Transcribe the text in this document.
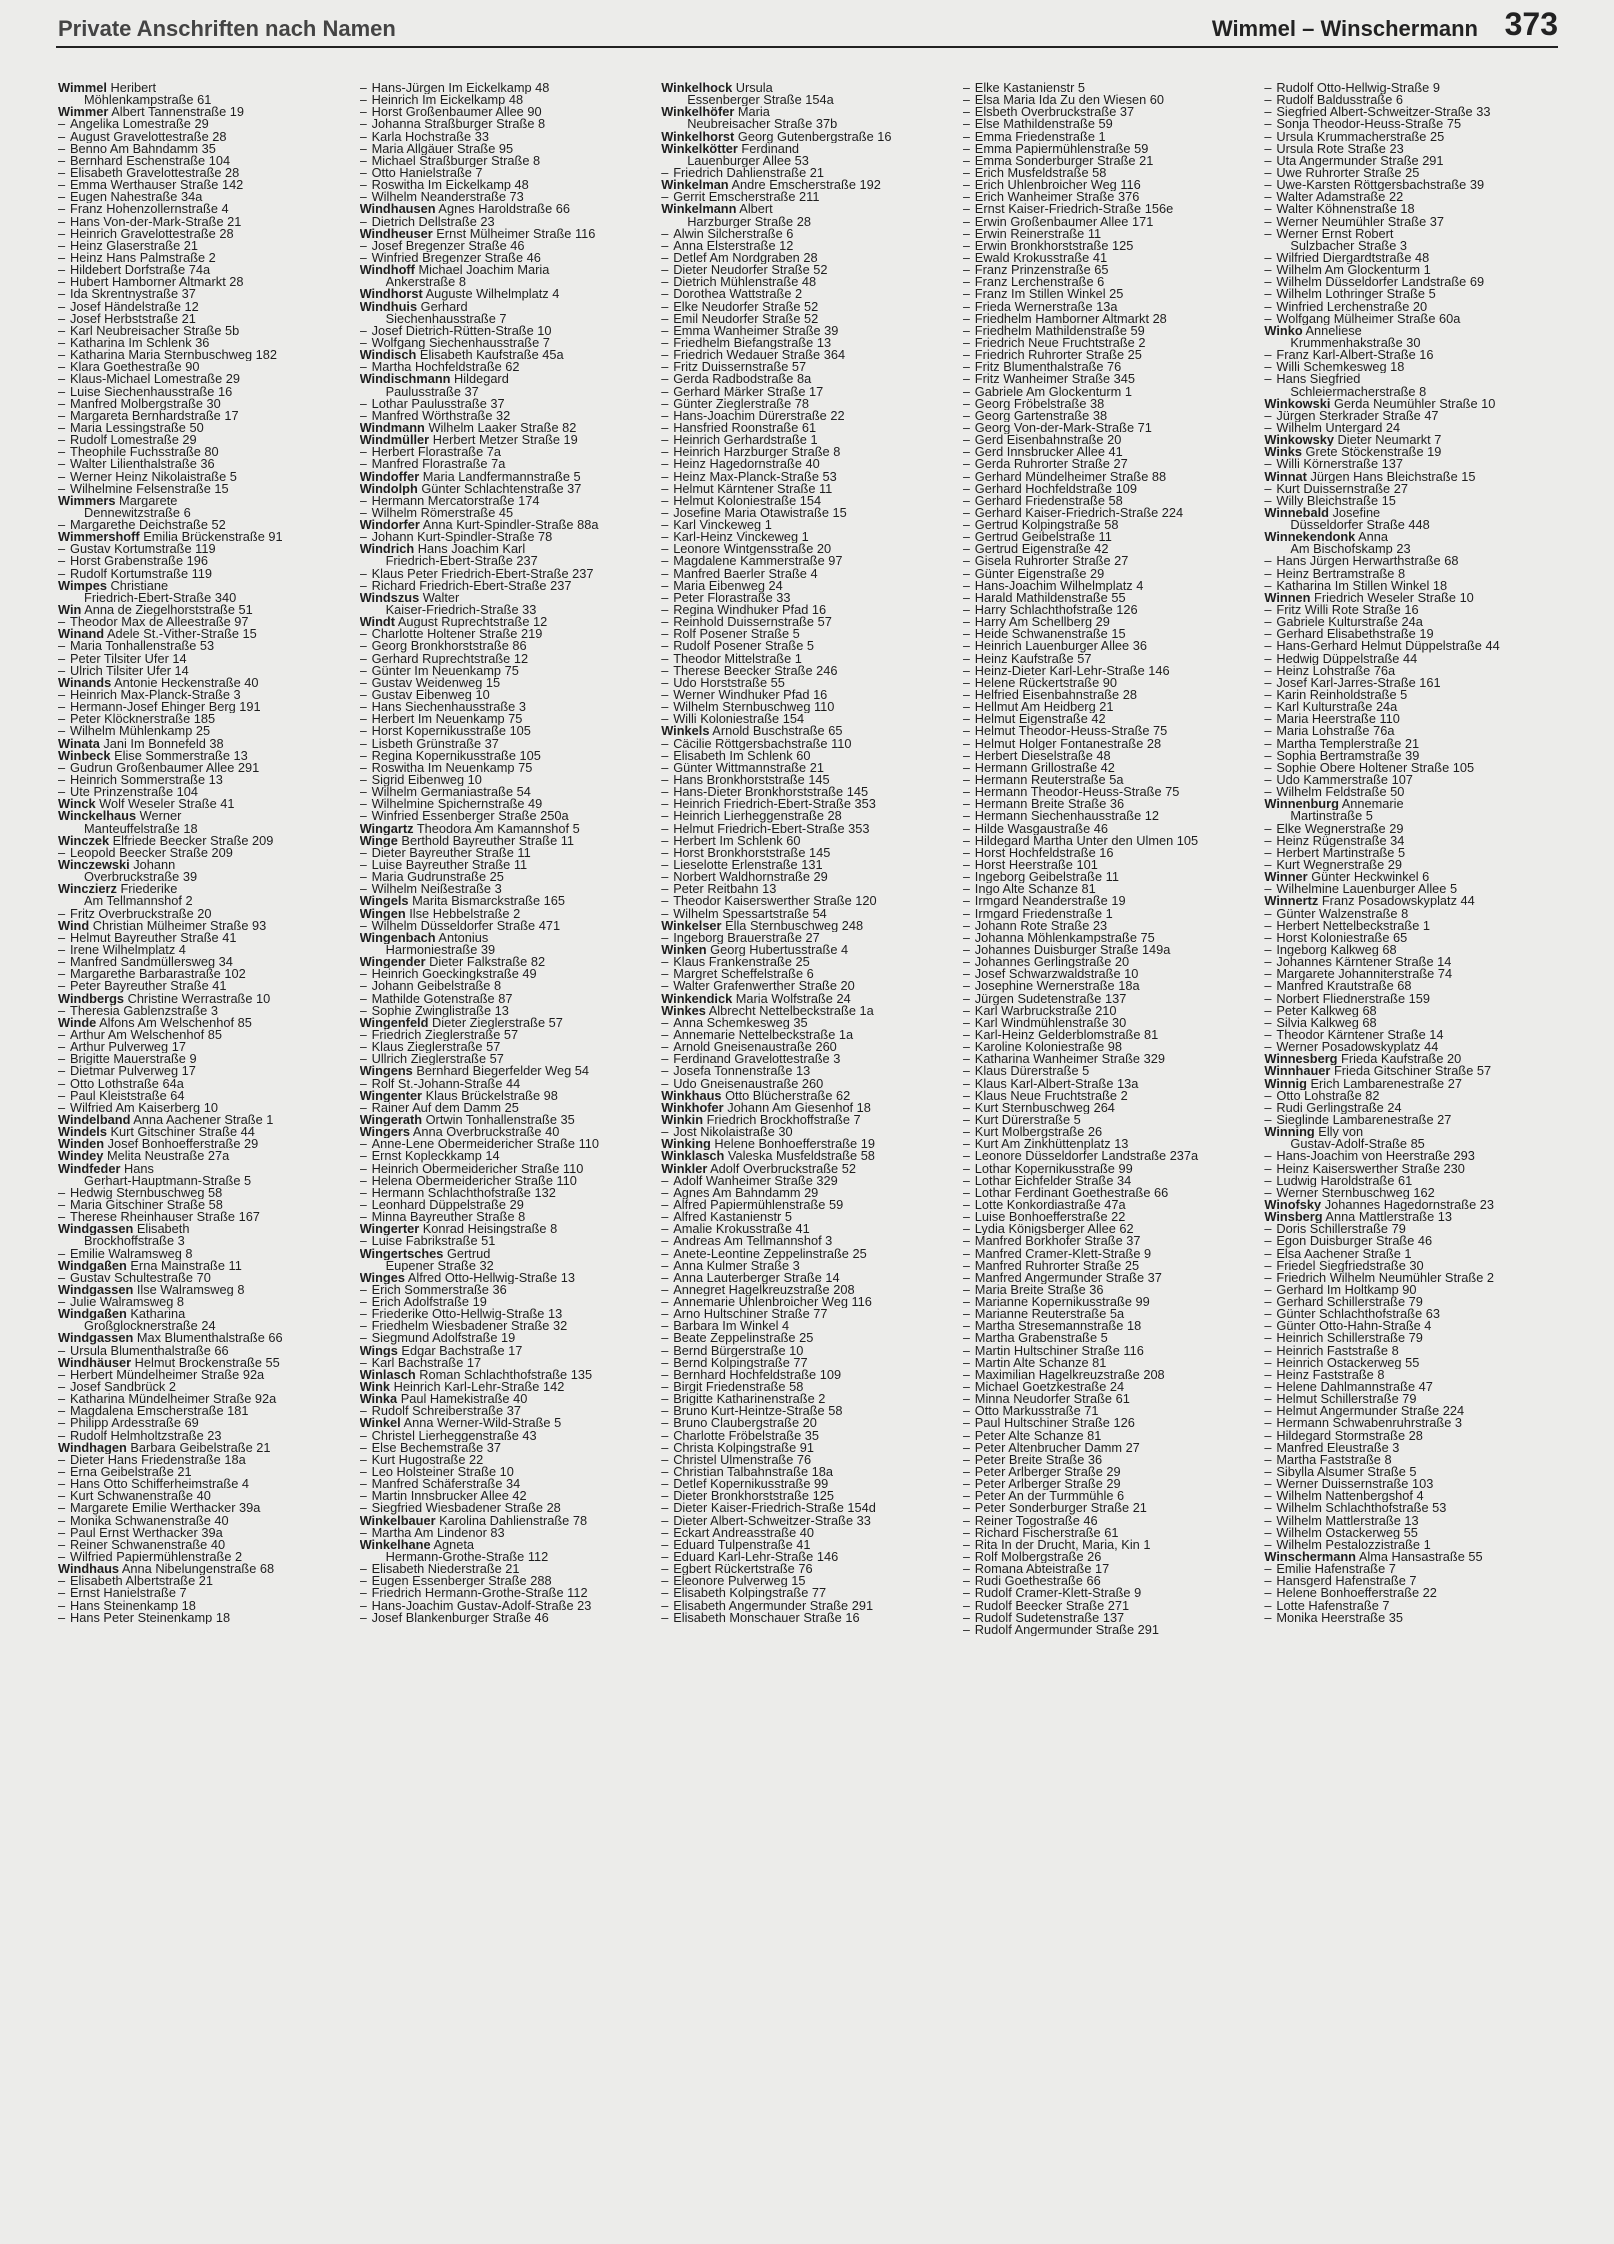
Private Anschriften nach Namen	Wimmel – Winschermann 373
Wimmel Heribert
Möhlenkampstraße 61
Wimmer Albert Tannenstraße 19
– Angelika Lomestraße 29
– August Gravelottestraße 28
– Benno Am Bahndamm 35
– Bernhard Eschenstraße 104
– Elisabeth Gravelottestraße 28
– Emma Werthauser Straße 142
– Eugen Nahestraße 34a
– Franz Hohenzollernstraße 4
– Hans Von-der-Mark-Straße 21
– Heinrich Gravelottestraße 28
– Heinz Glaserstraße 21
– Heinz Hans Palmstraße 2
– Hildebert Dorfstraße 74a
– Hubert Hamborner Altmarkt 28
– Ida Skrentnystraße 37
– Josef Händelstraße 12
– Josef Herbststraße 21
– Karl Neubreisacher Straße 5b
– Katharina Im Schlenk 36
– Katharina Maria Sternbuschweg 182
– Klara Goethestraße 90
– Klaus-Michael Lomestraße 29
– Luise Siechenhausstraße 16
– Manfred Molbergstraße 30
– Margareta Bernhardstraße 17
– Maria Lessingstraße 50
– Rudolf Lomestraße 29
– Theophile Fuchsstraße 80
– Walter Lilienthalstraße 36
– Werner Heinz Nikolaistraße 5
– Wilhelmine Felsenstraße 15
Wimmers Margarete
Dennewitzstraße 6
– Margarethe Deichstraße 52
Wimmershoff Emilia Brückenstraße 91
– Gustav Kortumstraße 119
– Horst Grabenstraße 196
– Rudolf Kortumstraße 119
Wimpes Christiane
Friedrich-Ebert-Straße 340
Win Anna de Ziegelhorststraße 51
– Theodor Max de Alleestraße 97
Winand Adele St.-Vither-Straße 15
– Maria Tonhallenstraße 53
– Peter Tilsiter Ufer 14
– Ulrich Tilsiter Ufer 14
Winands Antonie Heckenstraße 40
– Heinrich Max-Planck-Straße 3
– Hermann-Josef Ehinger Berg 191
– Peter Klöcknerstraße 185
– Wilhelm Mühlenkamp 25
Winata Jani Im Bonnefeld 38
Winbeck Elise Sommerstraße 13
– Gudrun Großenbaumer Allee 291
– Heinrich Sommerstraße 13
– Ute Prinzenstraße 104
Winck Wolf Weseler Straße 41
Winckelhaus Werner
Manteuffelstraße 18
Winczek Elfriede Beecker Straße 209
– Leopold Beecker Straße 209
Winczewski Johann
Overbruckstraße 39
Winczierz Friederike
Am Tellmannshof 2
– Fritz Overbruckstraße 20
Wind Christian Mülheimer Straße 93
– Helmut Bayreuther Straße 41
– Irene Wilhelmplatz 4
– Manfred Sandmüllersweg 34
– Margarethe Barbarastraße 102
– Peter Bayreuther Straße 41
Windbergs Christine Werrastraße 10
– Theresia Gablenzstraße 3
Winde Alfons Am Welschenhof 85
– Arthur Am Welschenhof 85
– Arthur Pulverweg 17
– Brigitte Mauerstraße 9
– Dietmar Pulverweg 17
– Otto Lothstraße 64a
– Paul Kleiststraße 64
– Wilfried Am Kaiserberg 10
Windelband Anna Aachener Straße 1
Windels Kurt Gitschiner Straße 44
Winden Josef Bonhoefferstraße 29
Windey Melita Neustraße 27a
Windfeder Hans
Gerhart-Hauptmann-Straße 5
– Hedwig Sternbuschweg 58
– Maria Gitschiner Straße 58
– Therese Rheinhauser Straße 167
Windgassen Elisabeth
Brockhoffstraße 3
– Emilie Walramsweg 8
Windgaßen Erna Mainstraße 11
– Gustav Schultestraße 70
Windgassen Ilse Walramsweg 8
– Julie Walramsweg 8
Windgaßen Katharina
Großglocknerstraße 24
Windgassen Max Blumenthalstraße 66
– Ursula Blumenthalstraße 66
Windhäuser Helmut Brockenstraße 55
– Herbert Mündelheimer Straße 92a
– Josef Sandbrück 2
– Katharina Mündelheimer Straße 92a
– Magdalena Emscherstraße 181
– Philipp Ardesstraße 69
– Rudolf Helmholtzstraße 23
Windhagen Barbara Geibelstraße 21
– Dieter Hans Friedenstraße 18a
– Erna Geibelstraße 21
– Hans Otto Schifferheimstraße 4
– Kurt Schwanenstraße 40
– Margarete Emilie Werthacker 39a
– Monika Schwanenstraße 40
– Paul Ernst Werthacker 39a
– Reiner Schwanenstraße 40
– Wilfried Papiermühlenstraße 2
Windhaus Anna Nibelungenstraße 68
– Elisabeth Albertstraße 21
– Ernst Hanielstraße 7
– Hans Steinenkamp 18
– Hans Peter Steinenkamp 18
– Hans-Jürgen Im Eickelkamp 48
– Heinrich Im Eickelkamp 48
– Horst Großenbaumer Allee 90
– Johanna Straßburger Straße 8
– Karla Hochstraße 33
– Maria Allgäuer Straße 95
– Michael Straßburger Straße 8
– Otto Hanielstraße 7
– Roswitha Im Eickelkamp 48
– Wilhelm Neanderstraße 73
Windhausen Agnes Haroldstraße 66
– Dietrich Dellstraße 23
Windheuser Ernst Mülheimer Straße 116
– Josef Bregenzer Straße 46
– Winfried Bregenzer Straße 46
Windhoff Michael Joachim Maria
Ankerstraße 8
Windhorst Auguste Wilhelmplatz 4
Windhuis Gerhard
Siechenhausstraße 7
– Josef Dietrich-Rütten-Straße 10
– Wolfgang Siechenhausstraße 7
Windisch Elisabeth Kaufstraße 45a
– Martha Hochfeldstraße 62
Windischmann Hildegard
Paulusstraße 37
– Lothar Paulusstraße 37
– Manfred Wörthstraße 32
Windmann Wilhelm Laaker Straße 82
Windmüller Herbert Metzer Straße 19
– Herbert Florastraße 7a
– Manfred Florastraße 7a
Windoffer Maria Landfermannstraße 5
Windolph Günter Schlachtenstraße 37
– Hermann Mercatorstraße 174
– Wilhelm Römerstraße 45
Windorfer Anna Kurt-Spindler-Straße 88a
– Johann Kurt-Spindler-Straße 78
Windrich Hans Joachim Karl
Friedrich-Ebert-Straße 237
– Klaus Peter Friedrich-Ebert-Straße 237
– Richard Friedrich-Ebert-Straße 237
Windszus Walter
Kaiser-Friedrich-Straße 33
Windt August Ruprechtstraße 12
– Charlotte Holtener Straße 219
– Georg Bronkhorststraße 86
– Gerhard Ruprechtstraße 12
– Günter Im Neuenkamp 75
– Gustav Weidenweg 15
– Gustav Eibenweg 10
– Hans Siechenhausstraße 3
– Herbert Im Neuenkamp 75
– Horst Kopernikusstraße 105
– Lisbeth Grünstraße 37
– Regina Kopernikusstraße 105
– Roswitha Im Neuenkamp 75
– Sigrid Eibenweg 10
– Wilhelm Germaniastraße 54
– Wilhelmine Spichernstraße 49
– Winfried Essenberger Straße 250a
Wingartz Theodora Am Kamannshof 5
Winge Berthold Bayreuther Straße 11
– Dieter Bayreuther Straße 11
– Luise Bayreuther Straße 11
– Maria Gudrunstraße 25
– Wilhelm Neißestraße 3
Wingels Marita Bismarckstraße 165
Wingen Ilse Hebbelstraße 2
– Wilhelm Düsseldorfer Straße 471
Wingenbach Antonius
Harmoniestraße 39
Wingender Dieter Falkstraße 82
– Heinrich Goeckingkstraße 49
– Johann Geibelstraße 8
– Mathilde Gotenstraße 87
– Sophie Zwinglistraße 13
Wingenfeld Dieter Zieglerstraße 57
– Friedrich Zieglerstraße 57
– Klaus Zieglerstraße 57
– Ullrich Zieglerstraße 57
Wingens Bernhard Biegerfelder Weg 54
– Rolf St.-Johann-Straße 44
Wingenter Klaus Brückelstraße 98
– Rainer Auf dem Damm 25
Wingerath Ortwin Tonhallenstraße 35
Wingers Anna Overbruckstraße 40
– Anne-Lene Obermeidericher Straße 110
– Ernst Kopleckkamp 14
– Heinrich Obermeidericher Straße 110
– Helena Obermeidericher Straße 110
– Hermann Schlachthofstraße 132
– Leonhard Düppelstraße 29
– Minna Bayreuther Straße 8
Wingerter Konrad Heisingstraße 8
– Luise Fabrikstraße 51
Wingertsches Gertrud
Eupener Straße 32
Winges Alfred Otto-Hellwig-Straße 13
– Erich Sommerstraße 36
– Erich Adolfstraße 19
– Friederike Otto-Hellwig-Straße 13
– Friedhelm Wiesbadener Straße 32
– Siegmund Adolfstraße 19
Wings Edgar Bachstraße 17
– Karl Bachstraße 17
Winlasch Roman Schlachthofstraße 135
Wink Heinrich Karl-Lehr-Straße 142
Winka Paul Hamekistraße 40
– Rudolf Schreiberstraße 37
Winkel Anna Werner-Wild-Straße 5
– Christel Lierheggenstraße 43
– Else Bechemstraße 37
– Kurt Hugostraße 22
– Leo Holsteiner Straße 10
– Manfred Schäferstraße 34
– Martin Innsbrucker Allee 42
– Siegfried Wiesbadener Straße 28
Winkelbauer Karolina Dahlienstraße 78
– Martha Am Lindenor 83
Winkelhane Agneta
Hermann-Grothe-Straße 112
– Elisabeth Niederstraße 21
– Eugen Essenberger Straße 288
– Friedrich Hermann-Grothe-Straße 112
– Hans-Joachim Gustav-Adolf-Straße 23
– Josef Blankenburger Straße 46
Winkelhock Ursula
Essenberger Straße 154a
Winkelhöfer Maria
Neubreisacher Straße 37b
Winkelhorst Georg Gutenbergstraße 16
Winkelkötter Ferdinand
Lauenburger Allee 53
– Friedrich Dahlienstraße 21
Winkelman Andre Emscherstraße 192
– Gerrit Emscherstraße 211
Winkelmann Albert
Harzburger Straße 28
– Alwin Silcherstraße 6
– Anna Elsterstraße 12
– Detlef Am Nordgraben 28
– Dieter Neudorfer Straße 52
– Dietrich Mühlenstraße 48
– Dorothea Wattstraße 2
– Elke Neudorfer Straße 52
– Emil Neudorfer Straße 52
– Emma Wanheimer Straße 39
– Friedhelm Biefangstraße 13
– Friedrich Wedauer Straße 364
– Fritz Duissernstraße 57
– Gerda Radbodstraße 8a
– Gerhard Märker Straße 17
– Günter Zieglerstraße 78
– Hans-Joachim Dürerstraße 22
– Hansfried Roonstraße 61
– Heinrich Gerhardstraße 1
– Heinrich Harzburger Straße 8
– Heinz Hagedornstraße 40
– Heinz Max-Planck-Straße 53
– Helmut Kärntener Straße 11
– Helmut Koloniestraße 154
– Josefine Maria Otawistraße 15
– Karl Vinckeweg 1
– Karl-Heinz Vinckeweg 1
– Leonore Wintgensstraße 20
– Magdalene Kammerstraße 97
– Manfred Baerler Straße 4
– Maria Eibenweg 24
– Peter Florastraße 33
– Regina Windhuker Pfad 16
– Reinhold Duissernstraße 57
– Rolf Posener Straße 5
– Rudolf Posener Straße 5
– Theodor Mittelstraße 1
– Therese Beecker Straße 246
– Udo Horststraße 55
– Werner Windhuker Pfad 16
– Wilhelm Sternbuschweg 110
– Willi Koloniestraße 154
Winkels Arnold Buschstraße 65
– Cäcilie Röttgersbachstraße 110
– Elisabeth Im Schlenk 60
– Günter Wittmannstraße 21
– Hans Bronkhorststraße 145
– Hans-Dieter Bronkhorststraße 145
– Heinrich Friedrich-Ebert-Straße 353
– Heinrich Lierheggenstraße 28
– Helmut Friedrich-Ebert-Straße 353
– Herbert Im Schlenk 60
– Horst Bronkhorststraße 145
– Lieselotte Erlenstraße 131
– Norbert Waldhornstraße 29
– Peter Reitbahn 13
– Theodor Kaiserswerther Straße 120
– Wilhelm Spessartstraße 54
Winkelser Ella Sternbuschweg 248
– Ingeborg Brauerstraße 27
Winken Georg Hubertusstraße 4
– Klaus Frankenstraße 25
– Margret Scheffelstraße 6
– Walter Grafenwerther Straße 20
Winkendick Maria Wolfstraße 24
Winkes Albrecht Nettelbeckstraße 1a
– Anna Schemkesweg 35
– Annemarie Nettelbeckstraße 1a
– Arnold Gneisenaustraße 260
– Ferdinand Gravelottestraße 3
– Josefa Tonnenstraße 13
– Udo Gneisenaustraße 260
Winkhaus Otto Blücherstraße 62
Winkhofer Johann Am Giesenhof 18
Winkin Friedrich Brockhoffstraße 7
– Jost Nikolaistraße 30
Winking Helene Bonhoefferstraße 19
Winklasch Valeska Musfeldstraße 58
Winkler Adolf Overbruckstraße 52
– Adolf Wanheimer Straße 329
– Agnes Am Bahndamm 29
– Alfred Papiermühlenstraße 59
– Alfred Kastanienstr 5
– Amalie Krokusstraße 41
– Andreas Am Tellmannshof 3
– Anete-Leontine Zeppelinstraße 25
– Anna Kulmer Straße 3
– Anna Lauterberger Straße 14
– Annegret Hagelkreuzstraße 208
– Annemarie Uhlenbroicher Weg 116
– Arno Hultschiner Straße 77
– Barbara Im Winkel 4
– Beate Zeppelinstraße 25
– Bernd Bürgerstraße 10
– Bernd Kolpingstraße 77
– Bernhard Hochfeldstraße 109
– Birgit Friedenstraße 58
– Brigitte Katharinenstraße 2
– Bruno Kurt-Heintze-Straße 58
– Bruno Claubergstraße 20
– Charlotte Fröbelstraße 35
– Christa Kolpingstraße 91
– Christel Ulmenstraße 76
– Christian Talbahnstraße 18a
– Detlef Kopernikusstraße 99
– Dieter Bronkhorststraße 125
– Dieter Kaiser-Friedrich-Straße 154d
– Dieter Albert-Schweitzer-Straße 33
– Eckart Andreasstraße 40
– Eduard Tulpenstraße 41
– Eduard Karl-Lehr-Straße 146
– Egbert Rückertstraße 76
– Eleonore Pulverweg 15
– Elisabeth Kolpingstraße 77
– Elisabeth Angermunder Straße 291
– Elisabeth Monschauer Straße 16
– Elke Kastanienstr 5
– Elsa Maria Ida Zu den Wiesen 60
– Elsbeth Overbruckstraße 37
– Else Mathildenstraße 59
– Emma Friedenstraße 1
– Emma Papiermühlenstraße 59
– Emma Sonderburger Straße 21
– Erich Musfeldstraße 58
– Erich Uhlenbroicher Weg 116
– Erich Wanheimer Straße 376
– Ernst Kaiser-Friedrich-Straße 156e
– Erwin Großenbaumer Allee 171
– Erwin Reinerstraße 11
– Erwin Bronkhorststraße 125
– Ewald Krokusstraße 41
– Franz Prinzenstraße 65
– Franz Lerchenstraße 6
– Franz Im Stillen Winkel 25
– Frieda Wernerstraße 13a
– Friedhelm Hamborner Altmarkt 28
– Friedhelm Mathildenstraße 59
– Friedrich Neue Fruchtstraße 2
– Friedrich Ruhrorter Straße 25
– Fritz Blumenthalstraße 76
– Fritz Wanheimer Straße 345
– Gabriele Am Glockenturm 1
– Georg Fröbelstraße 38
– Georg Gartenstraße 38
– Georg Von-der-Mark-Straße 71
– Gerd Eisenbahnstraße 20
– Gerd Innsbrucker Allee 41
– Gerda Ruhrorter Straße 27
– Gerhard Mündelheimer Straße 88
– Gerhard Hochfeldstraße 109
– Gerhard Friedenstraße 58
– Gerhard Kaiser-Friedrich-Straße 224
– Gertrud Kolpingstraße 58
– Gertrud Geibelstraße 11
– Gertrud Eigenstraße 42
– Gisela Ruhrorter Straße 27
– Günter Eigenstraße 29
– Hans-Joachim Wilhelmplatz 4
– Harald Mathildenstraße 55
– Harry Schlachthofstraße 126
– Harry Am Schellberg 29
– Heide Schwanenstraße 15
– Heinrich Lauenburger Allee 36
– Heinz Kaufstraße 57
– Heinz-Dieter Karl-Lehr-Straße 146
– Helene Rückertstraße 90
– Helfried Eisenbahnstraße 28
– Hellmut Am Heidberg 21
– Helmut Eigenstraße 42
– Helmut Theodor-Heuss-Straße 75
– Helmut Holger Fontanestraße 28
– Herbert Dieselstraße 48
– Hermann Grillostraße 42
– Hermann Reuterstraße 5a
– Hermann Theodor-Heuss-Straße 75
– Hermann Breite Straße 36
– Hermann Siechenhausstraße 12
– Hilde Wasgaustraße 46
– Hildegard Martha Unter den Ulmen 105
– Horst Hochfeldstraße 16
– Horst Heerstraße 101
– Ingeborg Geibelstraße 11
– Ingo Alte Schanze 81
– Irmgard Neanderstraße 19
– Irmgard Friedenstraße 1
– Johann Rote Straße 23
– Johanna Möhlenkampstraße 75
– Johannes Duisburger Straße 149a
– Johannes Gerlingstraße 20
– Josef Schwarzwaldstraße 10
– Josephine Wernerstraße 18a
– Jürgen Sudetenstraße 137
– Karl Warbruckstraße 210
– Karl Windmühlenstraße 30
– Karl-Heinz Gelderblomstraße 81
– Karoline Koloniestraße 98
– Katharina Wanheimer Straße 329
– Klaus Dürerstraße 5
– Klaus Karl-Albert-Straße 13a
– Klaus Neue Fruchtstraße 2
– Kurt Sternbuschweg 264
– Kurt Dürerstraße 5
– Kurt Molbergstraße 26
– Kurt Am Zinkhüttenplatz 13
– Leonore Düsseldorfer Landstraße 237a
– Lothar Kopernikusstraße 99
– Lothar Eichfelder Straße 34
– Lothar Ferdinant Goethestraße 66
– Lotte Konkordiastraße 47a
– Luise Bonhoefferstraße 22
– Lydia Königsberger Allee 62
– Manfred Borkhofer Straße 37
– Manfred Cramer-Klett-Straße 9
– Manfred Ruhrorter Straße 25
– Manfred Angermunder Straße 37
– Maria Breite Straße 36
– Marianne Kopernikusstraße 99
– Marianne Reuterstraße 5a
– Martha Stresemannstraße 18
– Martha Grabenstraße 5
– Martin Hultschiner Straße 116
– Martin Alte Schanze 81
– Maximilian Hagelkreuzstraße 208
– Michael Goetzkestraße 24
– Minna Neudorfer Straße 61
– Otto Markusstraße 71
– Paul Hultschiner Straße 126
– Peter Alte Schanze 81
– Peter Altenbrucher Damm 27
– Peter Breite Straße 36
– Peter Arlberger Straße 29
– Peter Arlberger Straße 29
– Peter An der Turmmühle 6
– Peter Sonderburger Straße 21
– Reiner Togostraße 46
– Richard Fischerstraße 61
– Rita In der Drucht, Maria, Kin 1
– Rolf Molbergstraße 26
– Romana Abteistraße 17
– Rudi Goethestraße 66
– Rudolf Cramer-Klett-Straße 9
– Rudolf Beecker Straße 271
– Rudolf Sudetenstraße 137
– Rudolf Angermunder Straße 291
– Rudolf Otto-Hellwig-Straße 9
– Rudolf Baldusstraße 6
– Siegfried Albert-Schweitzer-Straße 33
– Sonja Theodor-Heuss-Straße 75
– Ursula Krummacherstraße 25
– Ursula Rote Straße 23
– Uta Angermunder Straße 291
– Uwe Ruhrorter Straße 25
– Uwe-Karsten Röttgersbachstraße 39
– Walter Adamstraße 22
– Walter Köhnenstraße 18
– Werner Neumühler Straße 37
– Werner Ernst Robert
Sulzbacher Straße 3
– Wilfried Diergardtstraße 48
– Wilhelm Am Glockenturm 1
– Wilhelm Düsseldorfer Landstraße 69
– Wilhelm Lothringer Straße 5
– Winfried Lerchenstraße 20
– Wolfgang Mülheimer Straße 60a
Winko Anneliese
Krummenhakstraße 30
– Franz Karl-Albert-Straße 16
– Willi Schemkesweg 18
– Hans Siegfried
Schleiermacherstraße 8
Winkowski Gerda Neumühler Straße 10
– Jürgen Sterkrader Straße 47
– Wilhelm Untergard 24
Winkowsky Dieter Neumarkt 7
Winks Grete Stöckenstraße 19
– Willi Körnerstraße 137
Winnat Jürgen Hans Bleichstraße 15
– Kurt Duissernstraße 27
– Willy Bleichstraße 15
Winnebald Josefine
Düsseldorfer Straße 448
Winnekendonk Anna
Am Bischofskamp 23
– Hans Jürgen Herwarthstraße 68
– Heinz Bertramstraße 8
– Katharina Im Stillen Winkel 18
Winnen Friedrich Weseler Straße 10
– Fritz Willi Rote Straße 16
– Gabriele Kulturstraße 24a
– Gerhard Elisabethstraße 19
– Hans-Gerhard Helmut Düppelstraße 44
– Hedwig Düppelstraße 44
– Heinz Lohstraße 76a
– Josef Karl-Jarres-Straße 161
– Karin Reinholdstraße 5
– Karl Kulturstraße 24a
– Maria Heerstraße 110
– Maria Lohstraße 76a
– Martha Templerstraße 21
– Sophia Bertramstraße 39
– Sophie Obere Holtener Straße 105
– Udo Kammerstraße 107
– Wilhelm Feldstraße 50
Winnenburg Annemarie
Martinstraße 5
– Elke Wegnerstraße 29
– Heinz Rügenstraße 34
– Herbert Martinstraße 5
– Kurt Wegnerstraße 29
Winner Günter Heckwinkel 6
– Wilhelmine Lauenburger Allee 5
Winnertz Franz Posadowskyplatz 44
– Günter Walzenstraße 8
– Herbert Nettelbeckstraße 1
– Horst Koloniestraße 65
– Ingeborg Kalkweg 68
– Johannes Kärntener Straße 14
– Margarete Johanniterstraße 74
– Manfred Krautstraße 68
– Norbert Fliednerstraße 159
– Peter Kalkweg 68
– Silvia Kalkweg 68
– Theodor Kärntener Straße 14
– Werner Posadowskyplatz 44
Winnesberg Frieda Kaufstraße 20
Winnhauer Frieda Gitschiner Straße 57
Winnig Erich Lambarenestraße 27
– Otto Lohstraße 82
– Rudi Gerlingstraße 24
– Sieglinde Lambarenestraße 27
Winning Elly von
Gustav-Adolf-Straße 85
– Hans-Joachim von Heerstraße 293
– Heinz Kaiserswerther Straße 230
– Ludwig Haroldstraße 61
– Werner Sternbuschweg 162
Winofsky Johannes Hagedornstraße 23
Winsberg Anna Mattlerstraße 13
– Doris Schillerstraße 79
– Egon Duisburger Straße 46
– Elsa Aachener Straße 1
– Friedel Siegfriedstraße 30
– Friedrich Wilhelm Neumühler Straße 2
– Gerhard Im Holtkamp 90
– Gerhard Schillerstraße 79
– Günter Schlachthofstraße 63
– Günter Otto-Hahn-Straße 4
– Heinrich Schillerstraße 79
– Heinrich Faststraße 8
– Heinrich Ostackerweg 55
– Heinz Faststraße 8
– Helene Dahlmannstraße 47
– Helmut Schillerstraße 79
– Helmut Angermunder Straße 224
– Hermann Schwabenruhrstraße 3
– Hildegard Stormstraße 28
– Manfred Eleustraße 3
– Martha Faststraße 8
– Sibylla Alsumer Straße 5
– Werner Duissernstraße 103
– Wilhelm Nattenbergshof 4
– Wilhelm Schlachthofstraße 53
– Wilhelm Mattlerstraße 13
– Wilhelm Ostackerweg 55
– Wilhelm Pestalozzistraße 1
Winschermann Alma Hansastraße 55
– Emilie Hafenstraße 7
– Hansgerd Hafenstraße 7
– Helene Bonhoefferstraße 22
– Lotte Hafenstraße 7
– Monika Heerstraße 35
